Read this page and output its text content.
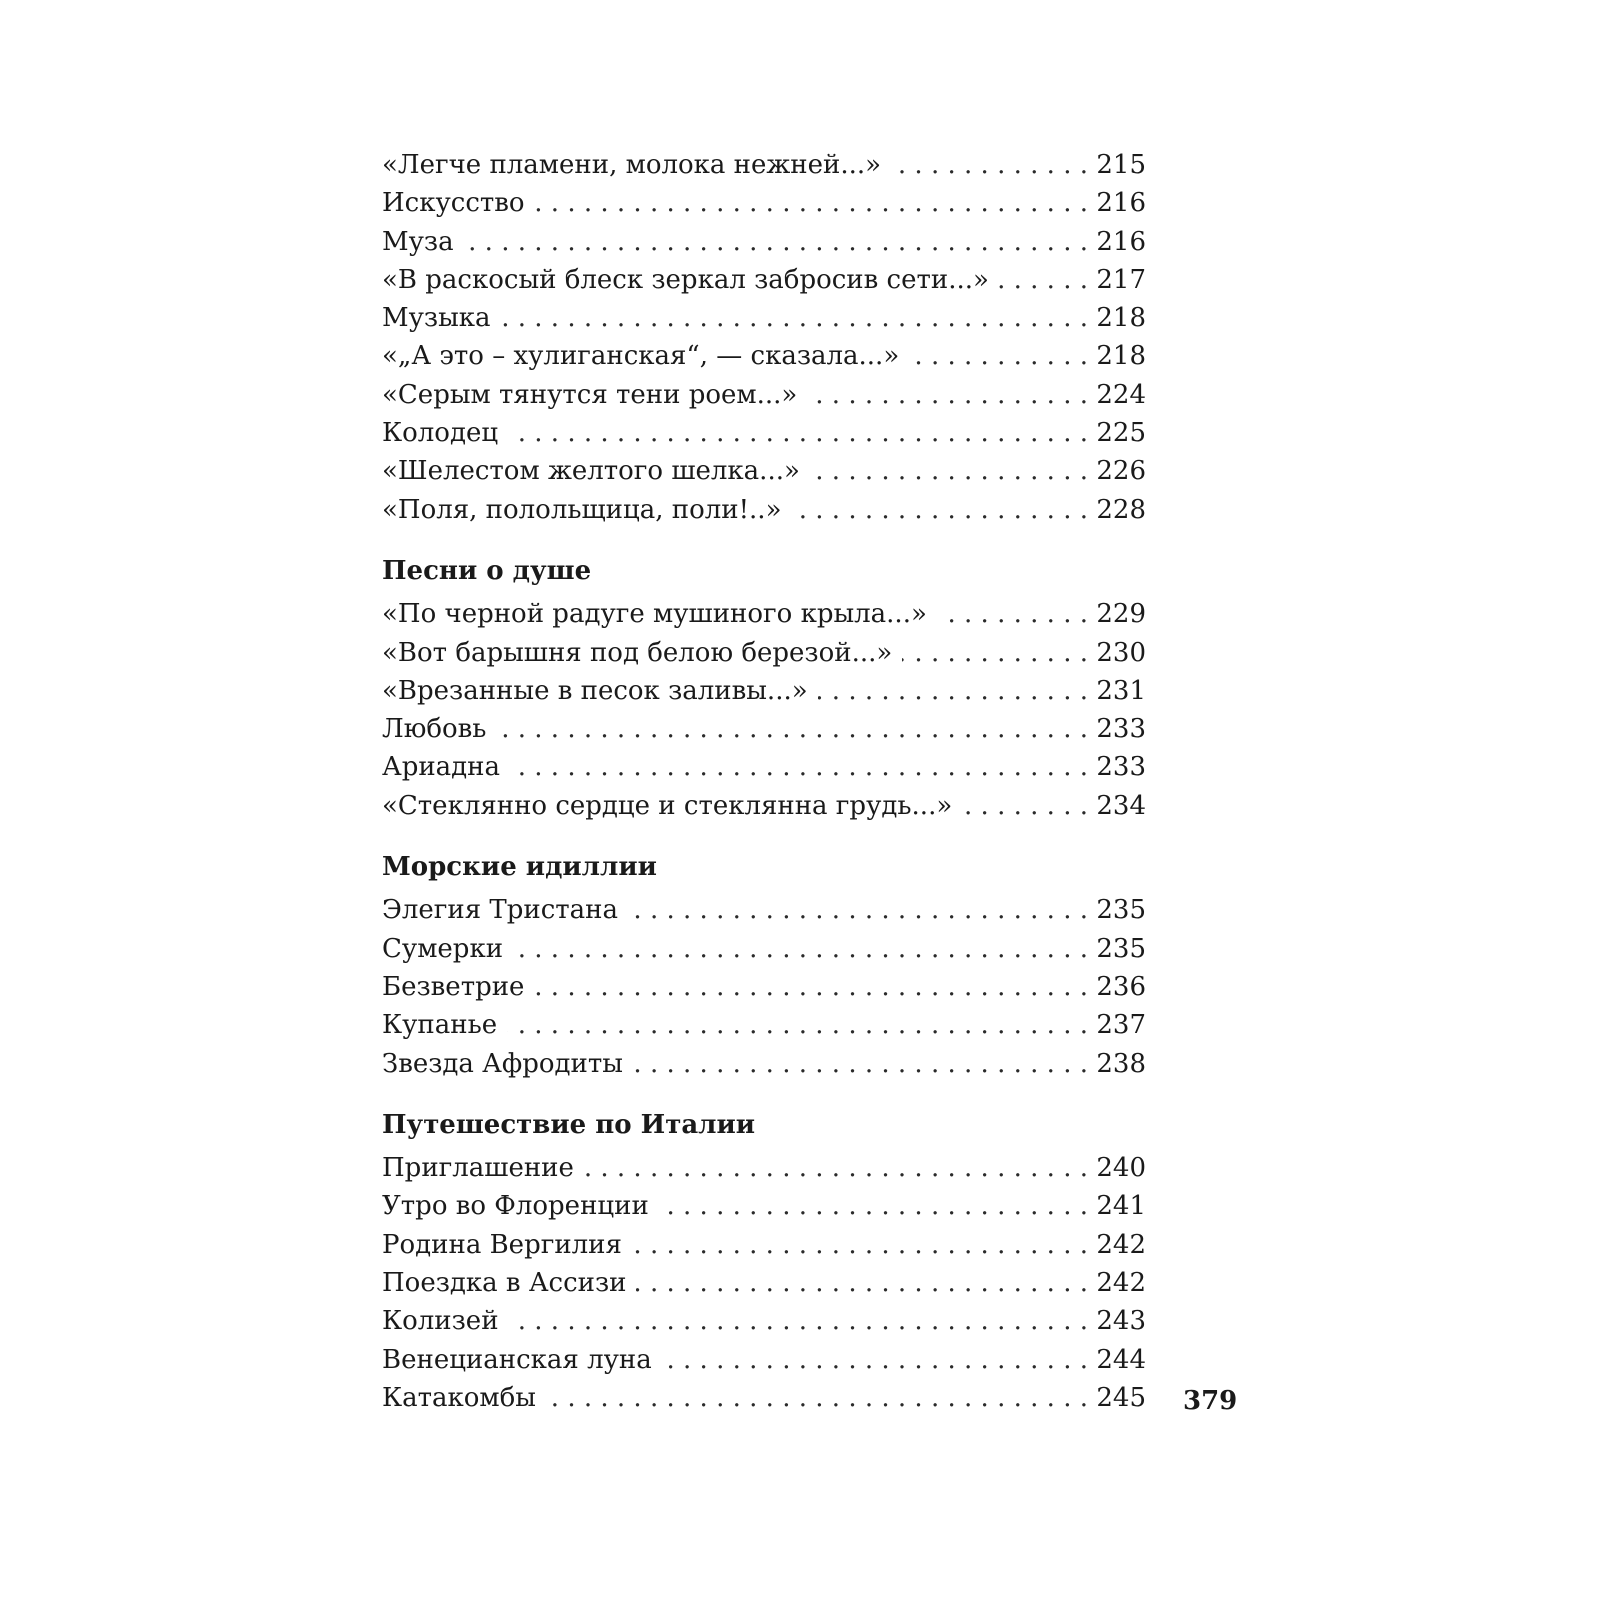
«Легче пламени, молока нежней...» . . .	215
Искусство . . .	216
Муза . . .	216
«В раскосый блеск зеркал забросив сети...» . . .	217
Музыка . . .	218
«„А это – хулиганская“, — сказала...» . . .	218
«Серым тянутся тени роем...» . . .	224
Колодец . . .	225
«Шелестом желтого шелка...» . . .	226
«Поля, полольщица, поли!..» . . .	228
Песни о душе
«По черной радуге мушиного крыла...» . . .	229
«Вот барышня под белою березой...» . . .	230
«Врезанные в песок заливы...» . . .	231
Любовь . . .	233
Ариадна . . .	233
«Стеклянно сердце и стеклянна грудь...» . . .	234
Морские идиллии
Элегия Тристана . . .	235
Сумерки . . .	235
Безветрие . . .	236
Купанье . . .	237
Звезда Афродиты . . .	238
Путешествие по Италии
Приглашение . . .	240
Утро во Флоренции . . .	241
Родина Вергилия . . .	242
Поездка в Ассизи . . .	242
Колизей . . .	243
Венецианская луна . . .	244
Катакомбы . . .	245 379
